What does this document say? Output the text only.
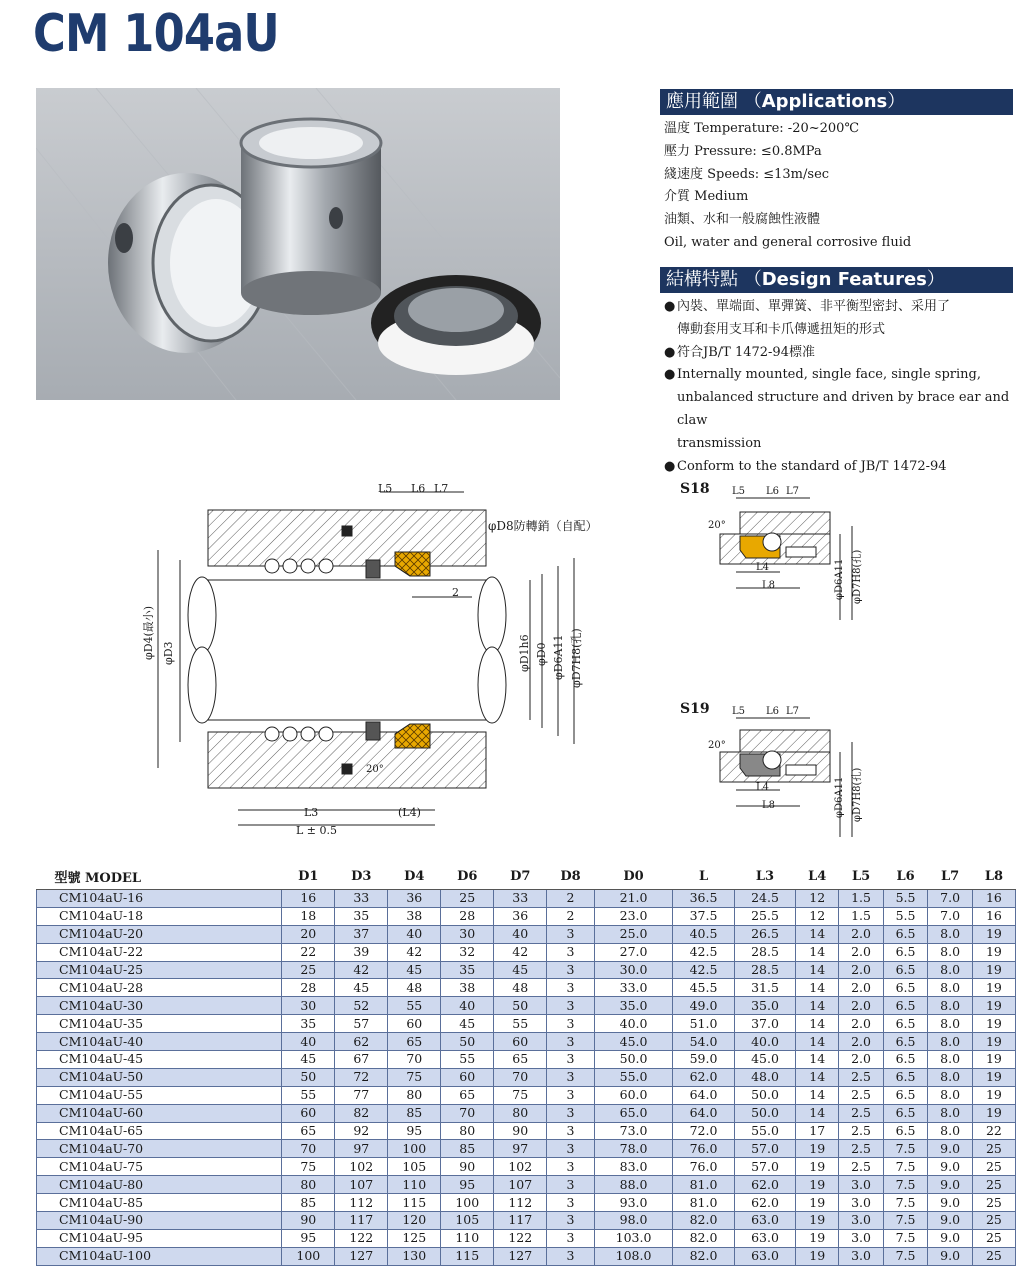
CM 104aU
應用範圍 （Applications）
溫度 Temperature: -20~200℃
壓力 Pressure: ≤0.8MPa
綫速度 Speeds: ≤13m/sec
介質 Medium
油類、水和一般腐蝕性液體
Oil, water and general corrosive fluid
結構特點 （Design Features）
● 內裝、單端面、單彈簧、非平衡型密封、采用了
傳動套用支耳和卡爪傳遞扭矩的形式
● 符合JB/T 1472-94標准
● Internally mounted, single face, single spring,
unbalanced structure and driven by brace ear and claw
transmission
● Conform to the standard of JB/T 1472-94
L5 L6 L7
φD8防轉銷（自配）
2
φD4(最小) φD3	φD1h6 φD0 φD6A11 φD7H8(孔)
20°
L3	(L4)
L ± 0.5
S18 L5 L6 L7
20°
L4
L8	φD6A11 φD7H8(孔)
S19 L5 L6 L7
20°
L4
L8	φD6A11 φD7H8(孔)
型號 MODEL	D1	D3	D4	D6	D7	D8	D0	L	L3	L4	L5	L6	L7	L8
CM104aU-16	16	33	36	25	33	2	21.0	36.5	24.5	12	1.5	5.5	7.0	16
CM104aU-18	18	35	38	28	36	2	23.0	37.5	25.5	12	1.5	5.5	7.0	16
CM104aU-20	20	37	40	30	40	3	25.0	40.5	26.5	14	2.0	6.5	8.0	19
CM104aU-22	22	39	42	32	42	3	27.0	42.5	28.5	14	2.0	6.5	8.0	19
CM104aU-25	25	42	45	35	45	3	30.0	42.5	28.5	14	2.0	6.5	8.0	19
CM104aU-28	28	45	48	38	48	3	33.0	45.5	31.5	14	2.0	6.5	8.0	19
CM104aU-30	30	52	55	40	50	3	35.0	49.0	35.0	14	2.0	6.5	8.0	19
CM104aU-35	35	57	60	45	55	3	40.0	51.0	37.0	14	2.0	6.5	8.0	19
CM104aU-40	40	62	65	50	60	3	45.0	54.0	40.0	14	2.0	6.5	8.0	19
CM104aU-45	45	67	70	55	65	3	50.0	59.0	45.0	14	2.0	6.5	8.0	19
CM104aU-50	50	72	75	60	70	3	55.0	62.0	48.0	14	2.5	6.5	8.0	19
CM104aU-55	55	77	80	65	75	3	60.0	64.0	50.0	14	2.5	6.5	8.0	19
CM104aU-60	60	82	85	70	80	3	65.0	64.0	50.0	14	2.5	6.5	8.0	19
CM104aU-65	65	92	95	80	90	3	73.0	72.0	55.0	17	2.5	6.5	8.0	22
CM104aU-70	70	97	100	85	97	3	78.0	76.0	57.0	19	2.5	7.5	9.0	25
CM104aU-75	75	102	105	90	102	3	83.0	76.0	57.0	19	2.5	7.5	9.0	25
CM104aU-80	80	107	110	95	107	3	88.0	81.0	62.0	19	3.0	7.5	9.0	25
CM104aU-85	85	112	115	100	112	3	93.0	81.0	62.0	19	3.0	7.5	9.0	25
CM104aU-90	90	117	120	105	117	3	98.0	82.0	63.0	19	3.0	7.5	9.0	25
CM104aU-95	95	122	125	110	122	3	103.0	82.0	63.0	19	3.0	7.5	9.0	25
CM104aU-100	100	127	130	115	127	3	108.0	82.0	63.0	19	3.0	7.5	9.0	25
